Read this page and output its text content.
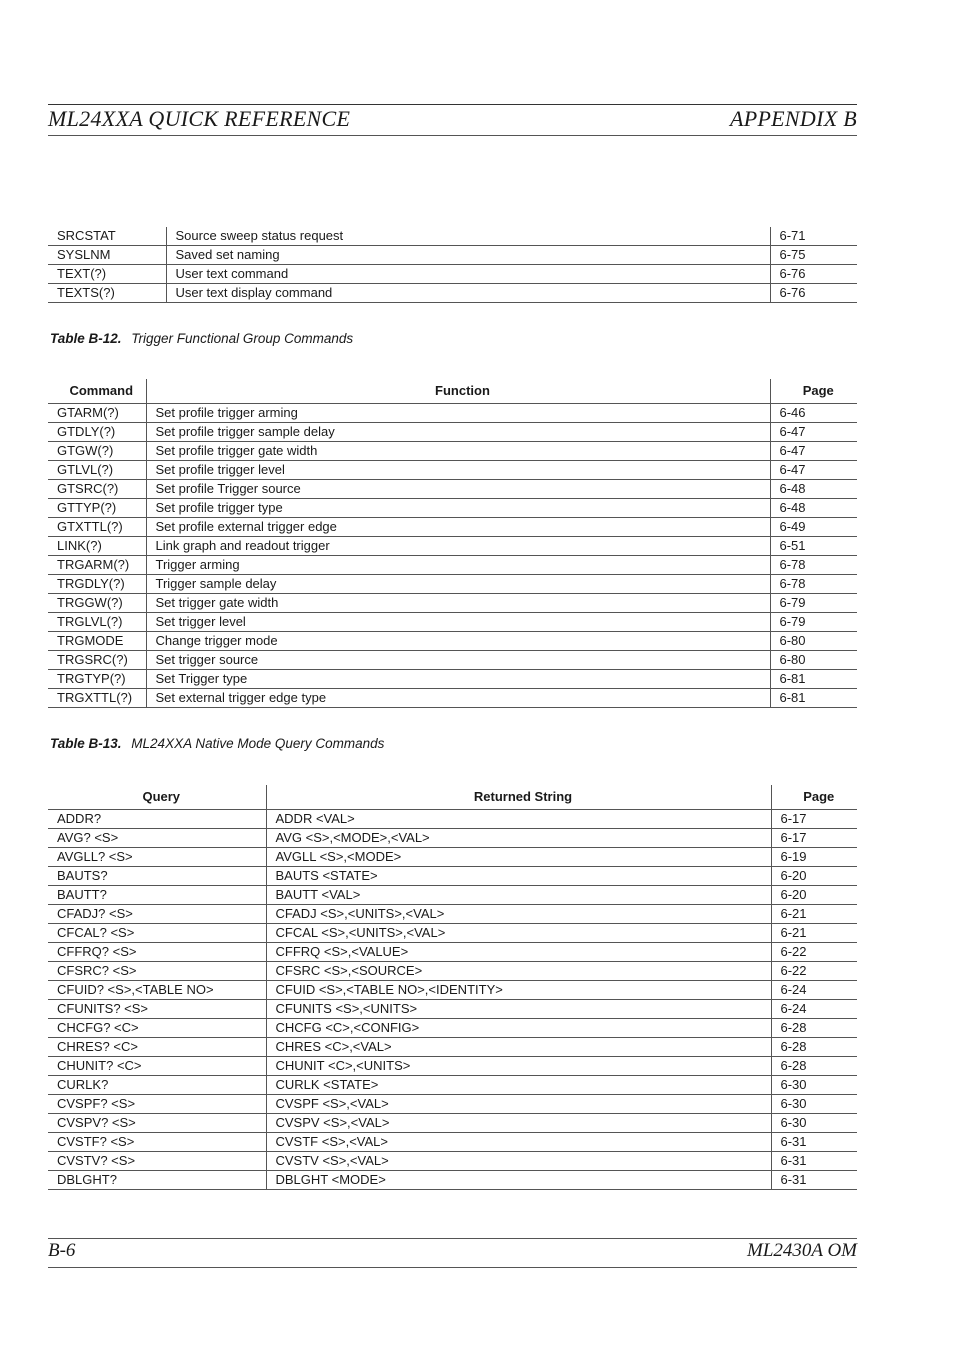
ML24XXA QUICK REFERENCE	APPENDIX B
SRCSTAT	Source sweep status request	6-71
SYSLNM	Saved set naming	6-75
TEXT(?)	User text command	6-76
TEXTS(?)	User text display command	6-76
Table B-12. Trigger Functional Group Commands
Command	Function	Page
GTARM(?)	Set profile trigger arming	6-46
GTDLY(?)	Set profile trigger sample delay	6-47
GTGW(?)	Set profile trigger gate width	6-47
GTLVL(?)	Set profile trigger level	6-47
GTSRC(?)	Set profile Trigger source	6-48
GTTYP(?)	Set profile trigger type	6-48
GTXTTL(?)	Set profile external trigger edge	6-49
LINK(?)	Link graph and readout trigger	6-51
TRGARM(?)	Trigger arming	6-78
TRGDLY(?)	Trigger sample delay	6-78
TRGGW(?)	Set trigger gate width	6-79
TRGLVL(?)	Set trigger level	6-79
TRGMODE	Change trigger mode	6-80
TRGSRC(?)	Set trigger source	6-80
TRGTYP(?)	Set Trigger type	6-81
TRGXTTL(?)	Set external trigger edge type	6-81
Table B-13. ML24XXA Native Mode Query Commands
Query	Returned String	Page
ADDR?	ADDR <VAL>	6-17
AVG? <S>	AVG <S>,<MODE>,<VAL>	6-17
AVGLL? <S>	AVGLL <S>,<MODE>	6-19
BAUTS?	BAUTS <STATE>	6-20
BAUTT?	BAUTT <VAL>	6-20
CFADJ? <S>	CFADJ <S>,<UNITS>,<VAL>	6-21
CFCAL? <S>	CFCAL <S>,<UNITS>,<VAL>	6-21
CFFRQ? <S>	CFFRQ <S>,<VALUE>	6-22
CFSRC? <S>	CFSRC <S>,<SOURCE>	6-22
CFUID? <S>,<TABLE NO>	CFUID <S>,<TABLE NO>,<IDENTITY>	6-24
CFUNITS? <S>	CFUNITS <S>,<UNITS>	6-24
CHCFG? <C>	CHCFG <C>,<CONFIG>	6-28
CHRES? <C>	CHRES <C>,<VAL>	6-28
CHUNIT? <C>	CHUNIT <C>,<UNITS>	6-28
CURLK?	CURLK <STATE>	6-30
CVSPF? <S>	CVSPF <S>,<VAL>	6-30
CVSPV? <S>	CVSPV <S>,<VAL>	6-30
CVSTF? <S>	CVSTF <S>,<VAL>	6-31
CVSTV? <S>	CVSTV <S>,<VAL>	6-31
DBLGHT?	DBLGHT <MODE>	6-31
B-6	ML2430A OM
